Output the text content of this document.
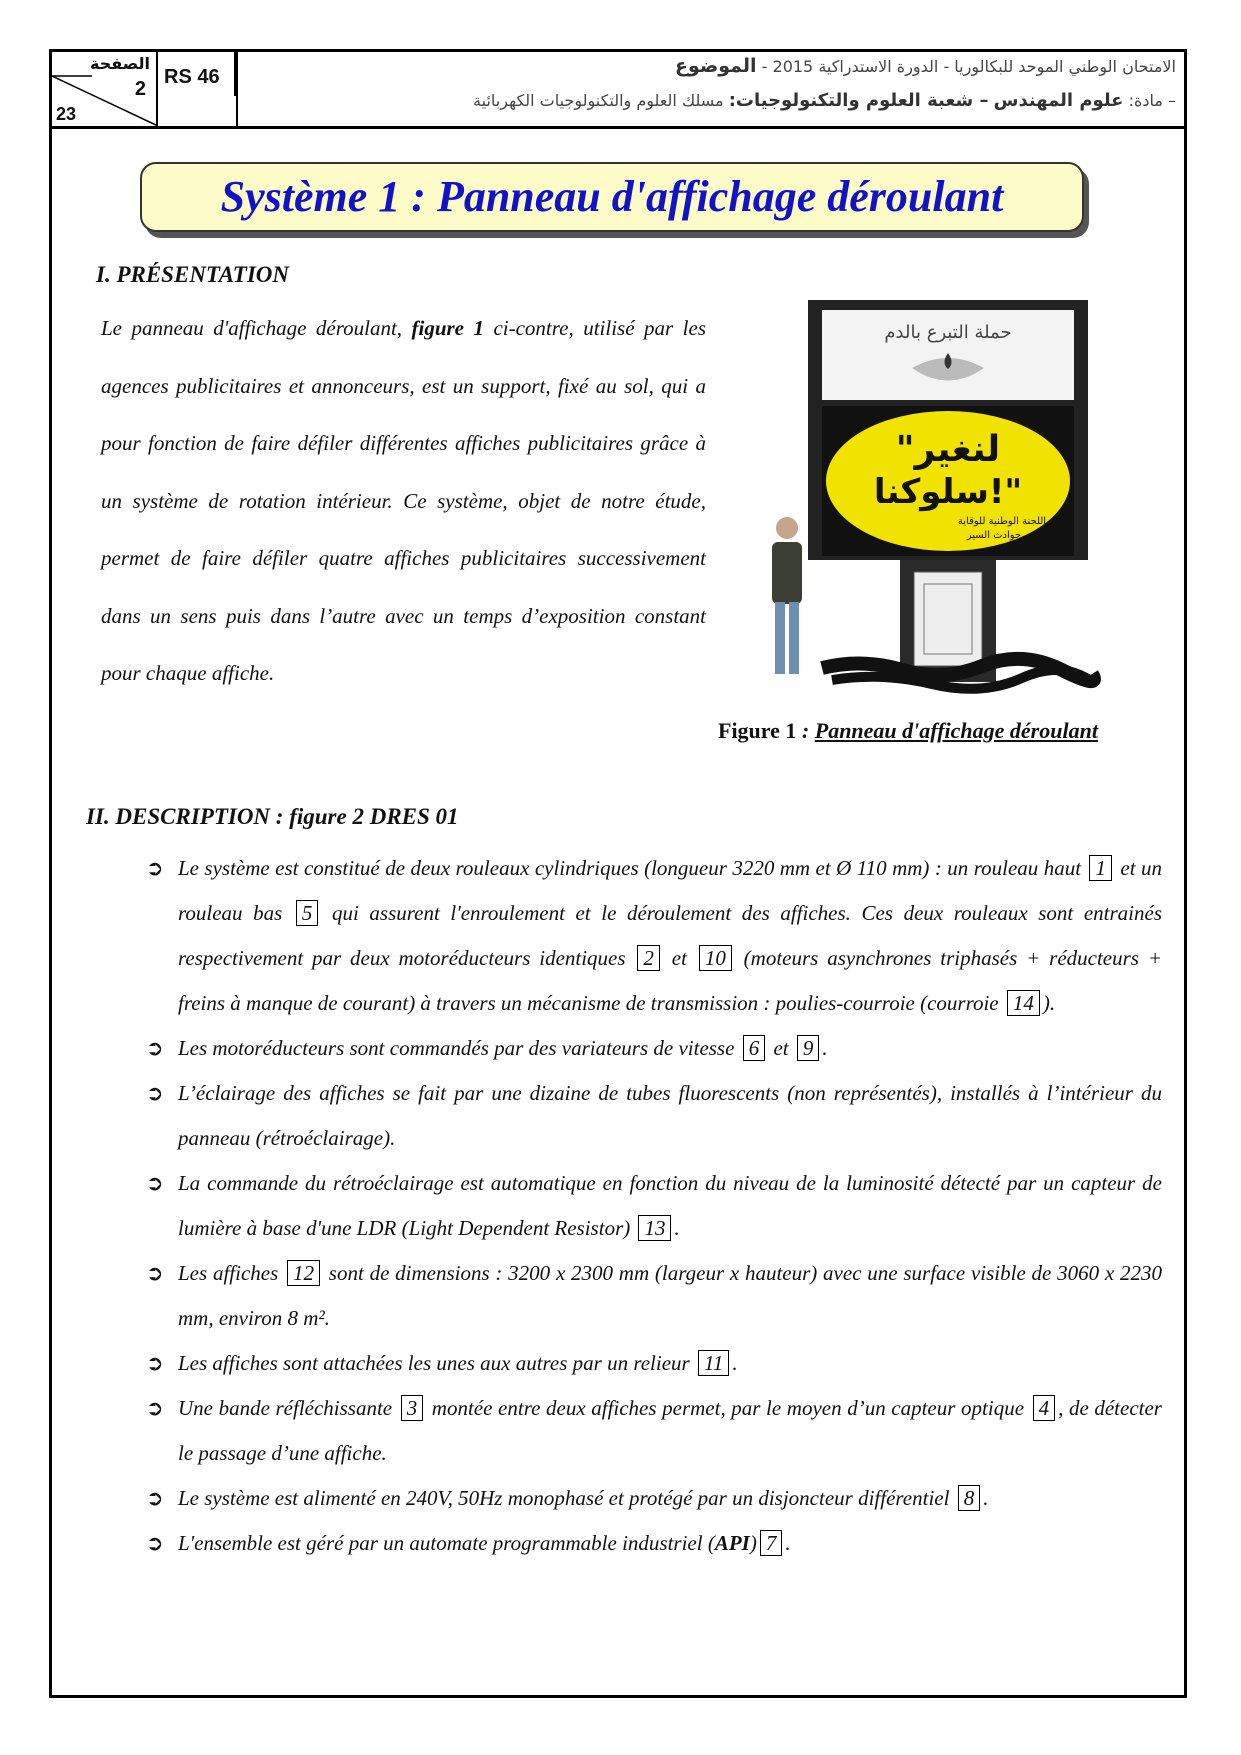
الصفحة
2
23
RS 46	الامتحان الوطني الموحد للبكالوريا - الدورة الاستدراكية 2015 - الموضوع
– مادة: علوم المهندس – شعبة العلوم والتكنولوجيات: مسلك العلوم والتكنولوجيات الكهربائية
Système 1 : Panneau d'affichage déroulant
I. PRÉSENTATION
Le panneau d'affichage déroulant, figure 1 ci-contre, utilisé par les agences publicitaires et annonceurs, est un support, fixé au sol, qui a pour fonction de faire défiler différentes affiches publicitaires grâce à un système de rotation intérieur. Ce système, objet de notre étude, permet de faire défiler quatre affiches publicitaires successivement dans un sens puis dans l’autre avec un temps d’exposition constant pour chaque affiche.
حملة التبرع بالدم
"لنغير
سلوكنا!"
اللجنة الوطنية للوقاية
من حوادث السير
Figure 1 : Panneau d'affichage déroulant
II. DESCRIPTION : figure 2 DRES 01
➲ Le système est constitué de deux rouleaux cylindriques (longueur 3220 mm et Ø 110 mm) : un rouleau haut 1 et un rouleau bas 5 qui assurent l'enroulement et le déroulement des affiches. Ces deux rouleaux sont entrainés respectivement par deux motoréducteurs identiques 2 et 10 (moteurs asynchrones triphasés + réducteurs + freins à manque de courant) à travers un mécanisme de transmission : poulies-courroie (courroie 14 ).
➲ Les motoréducteurs sont commandés par des variateurs de vitesse 6 et 9 .
➲ L’éclairage des affiches se fait par une dizaine de tubes fluorescents (non représentés), installés à l’intérieur du panneau (rétroéclairage).
➲ La commande du rétroéclairage est automatique en fonction du niveau de la luminosité détecté par un capteur de lumière à base d'une LDR (Light Dependent Resistor) 13 .
➲ Les affiches 12 sont de dimensions : 3200 x 2300 mm (largeur x hauteur) avec une surface visible de 3060 x 2230 mm, environ 8 m².
➲ Les affiches sont attachées les unes aux autres par un relieur 11 .
➲ Une bande réfléchissante 3 montée entre deux affiches permet, par le moyen d’un capteur optique 4 , de détecter le passage d’une affiche.
➲ Le système est alimenté en 240V, 50Hz monophasé et protégé par un disjoncteur différentiel 8 .
➲ L'ensemble est géré par un automate programmable industriel (API) 7 .
